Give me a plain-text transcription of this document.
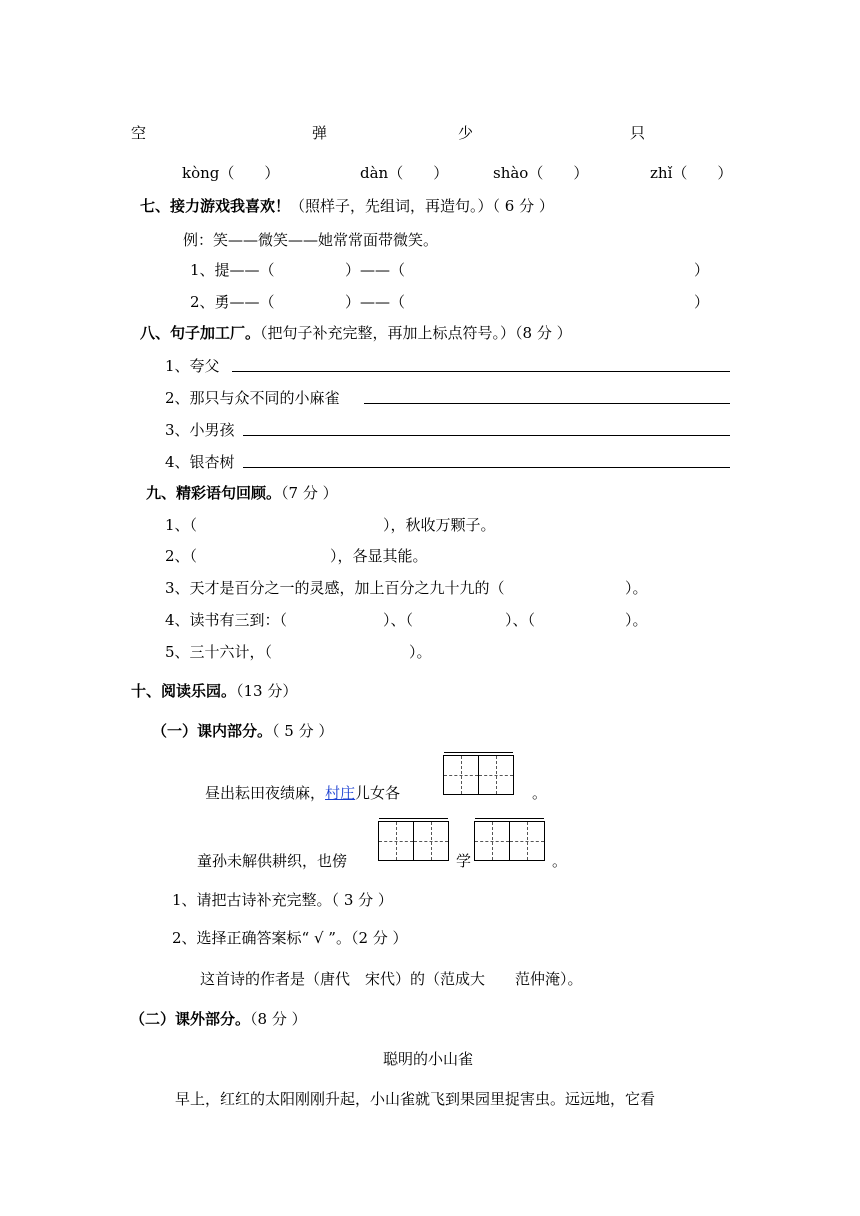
空	弹	少	只
kòng（　　）	dàn（　　）	shào（　　）	zhǐ（　　）
七、接力游戏我喜欢！（照样子，先组词，再造句。）（ 6 分 ）
例：笑——微笑——她常常面带微笑。
1、提——（	）——（	）
2、勇——（	）——（	）
八、句子加工厂。（把句子补充完整，再加上标点符号。）（8 分 ）
1、夸父
2、那只与众不同的小麻雀
3、小男孩
4、银杏树
九、精彩语句回顾。（7 分 ）
1、（	），秋收万颗子。
2、（	），各显其能。
3、天才是百分之一的灵感，加上百分之九十九的（	）。
4、读书有三到：（	）、（	）、（	）。
5、三十六计，（	）。
十、阅读乐园。（13 分）
（一）课内部分。（ 5 分 ）
昼出耘田夜绩麻，村庄儿女各	。
童孙未解供耕织，也傍	学	。
1、请把古诗补充完整。（ 3 分 ）
2、选择正确答案标“ √ ”。（2 分 ）
这首诗的作者是（唐代　宋代）的（范成大　　范仲淹）。
（二）课外部分。（8 分 ）
聪明的小山雀
早上，红红的太阳刚刚升起，小山雀就飞到果园里捉害虫。远远地，它看
